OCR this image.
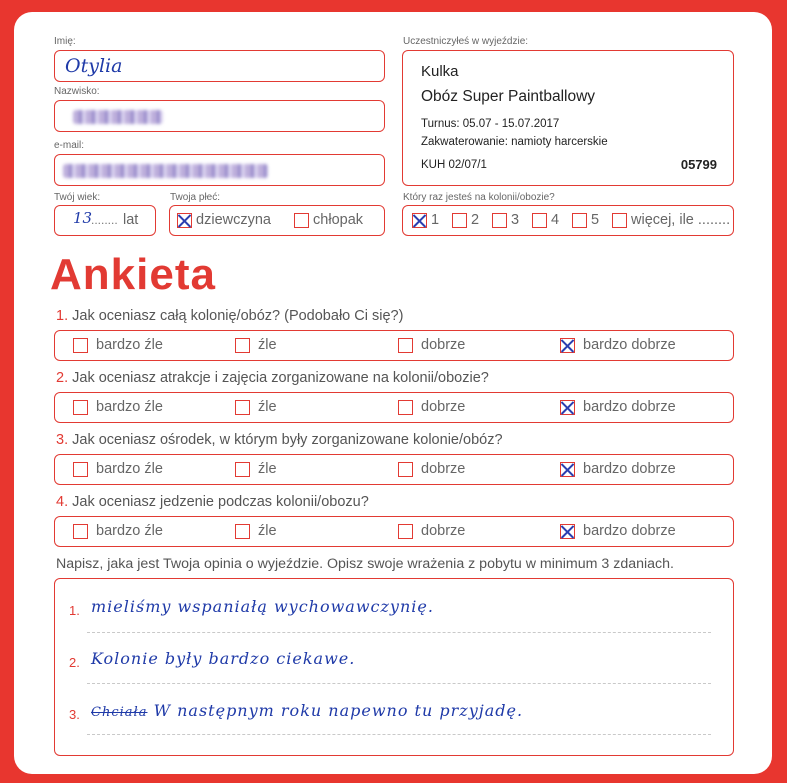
Imię:
Otylia
Nazwisko:
e-mail:
Twój wiek:
13
........ lat
Twoja płeć:
dziewczyna	chłopak
Uczestniczyłeś w wyjeździe:
Kulka
Obóz Super Paintballowy
Turnus: 05.07 - 15.07.2017
Zakwaterowanie: namioty harcerskie
KUH 02/07/1	05799
Który raz jesteś na kolonii/obozie?
1	2	3	4	5	więcej, ile ........
Ankieta
1. Jak oceniasz całą kolonię/obóz? (Podobało Ci się?)
bardzo źle	źle	dobrze	bardzo dobrze
2. Jak oceniasz atrakcje i zajęcia zorganizowane na kolonii/obozie?
bardzo źle	źle	dobrze	bardzo dobrze
3. Jak oceniasz ośrodek, w którym były zorganizowane kolonie/obóz?
bardzo źle	źle	dobrze	bardzo dobrze
4. Jak oceniasz jedzenie podczas kolonii/obozu?
bardzo źle	źle	dobrze	bardzo dobrze
Napisz, jaka jest Twoja opinia o wyjeździe. Opisz swoje wrażenia z pobytu w minimum 3 zdaniach.
1. mieliśmy wspaniałą wychowawczynię.
2. Kolonie były bardzo ciekawe.
3. Chciała W następnym roku napewno tu przyjadę.
